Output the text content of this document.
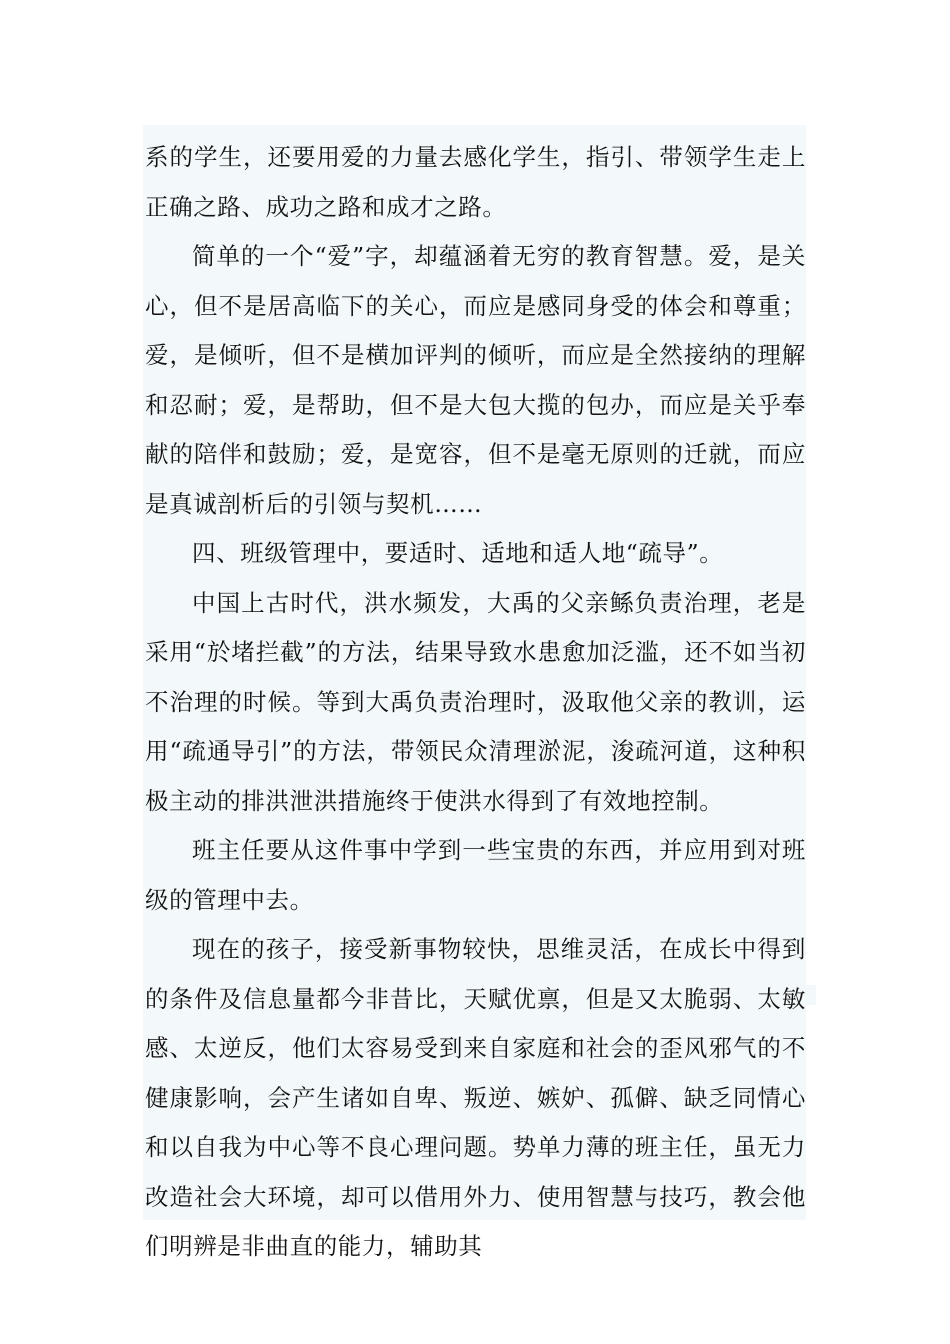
系的学生，还要用爱的力量去感化学生，指引、带领学生走上正确之路、成功之路和成才之路。

简单的一个“爱”字，却蕴涵着无穷的教育智慧。爱，是关心，但不是居高临下的关心，而应是感同身受的体会和尊重；爱，是倾听，但不是横加评判的倾听，而应是全然接纳的理解和忍耐；爱，是帮助，但不是大包大揽的包办，而应是关乎奉献的陪伴和鼓励；爱，是宽容，但不是毫无原则的迁就，而应是真诚剖析后的引领与契机……

四、班级管理中，要适时、适地和适人地“疏导”。

中国上古时代，洪水频发，大禹的父亲鲧负责治理，老是采用“於堵拦截”的方法，结果导致水患愈加泛滥，还不如当初不治理的时候。等到大禹负责治理时，汲取他父亲的教训，运用“疏通导引”的方法，带领民众清理淤泥，浚疏河道，这种积极主动的排洪泄洪措施终于使洪水得到了有效地控制。

班主任要从这件事中学到一些宝贵的东西，并应用到对班级的管理中去。

现在的孩子，接受新事物较快，思维灵活，在成长中得到的条件及信息量都今非昔比，天赋优禀，但是又太脆弱、太敏感、太逆反，他们太容易受到来自家庭和社会的歪风邪气的不健康影响，会产生诸如自卑、叛逆、嫉妒、孤僻、缺乏同情心和以自我为中心等不良心理问题。势单力薄的班主任，虽无力改造社会大环境，却可以借用外力、使用智慧与技巧，教会他们明辨是非曲直的能力，辅助其
